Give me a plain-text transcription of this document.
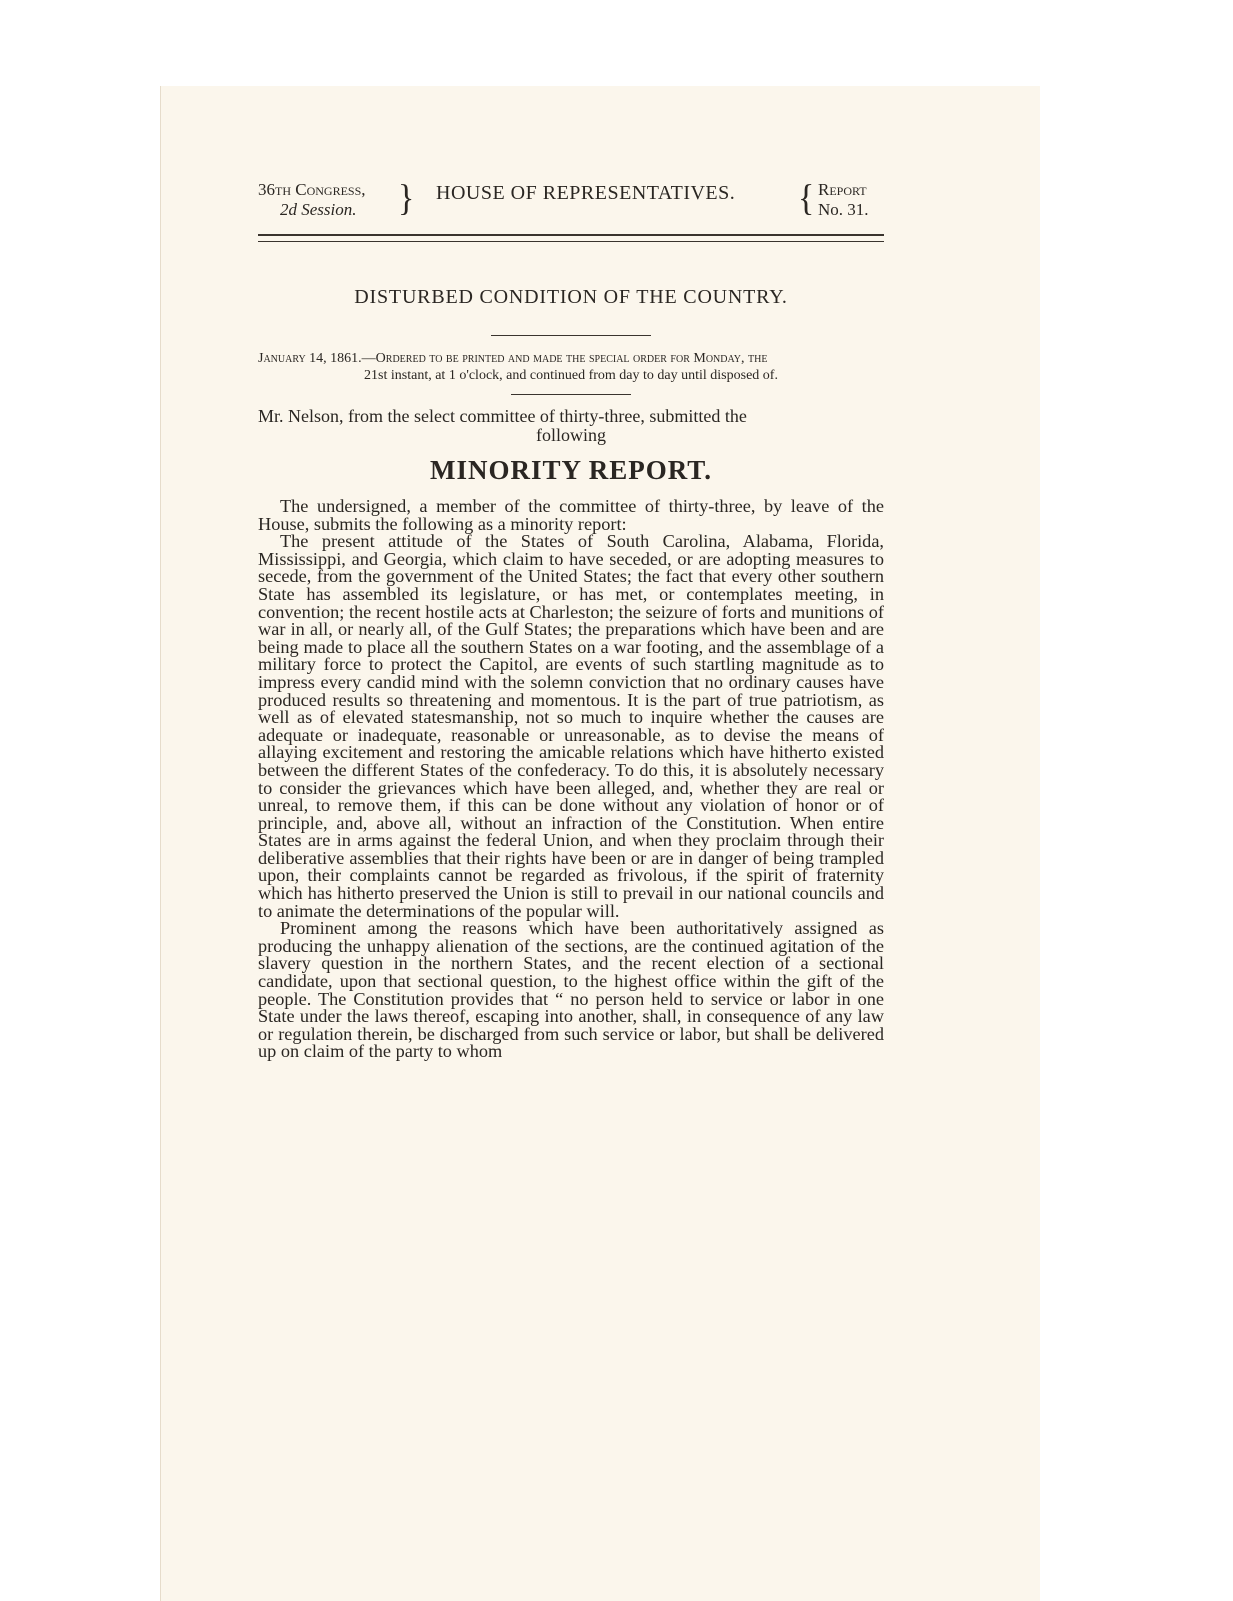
36th Congress,
2d Session. } HOUSE OF REPRESENTATIVES. { Report
No. 31.
DISTURBED CONDITION OF THE COUNTRY.
January 14, 1861.—Ordered to be printed and made the special order for Monday, the
21st instant, at 1 o'clock, and continued from day to day until disposed of.
Mr. Nelson, from the select committee of thirty-three, submitted the
following
MINORITY REPORT.

The undersigned, a member of the committee of thirty-three, by leave of the House, submits the following as a minority report:

The present attitude of the States of South Carolina, Alabama, Florida, Mississippi, and Georgia, which claim to have seceded, or are adopting measures to secede, from the government of the United States; the fact that every other southern State has assembled its legislature, or has met, or contemplates meeting, in convention; the recent hostile acts at Charleston; the seizure of forts and munitions of war in all, or nearly all, of the Gulf States; the preparations which have been and are being made to place all the southern States on a war footing, and the assemblage of a military force to protect the Capitol, are events of such startling magnitude as to impress every candid mind with the solemn conviction that no ordinary causes have produced results so threatening and momentous. It is the part of true patriotism, as well as of elevated statesmanship, not so much to inquire whether the causes are adequate or inadequate, reasonable or unreasonable, as to devise the means of allaying excitement and restoring the amicable relations which have hitherto existed between the different States of the confederacy. To do this, it is absolutely necessary to consider the grievances which have been alleged, and, whether they are real or unreal, to remove them, if this can be done without any violation of honor or of principle, and, above all, without an infraction of the Constitution. When entire States are in arms against the federal Union, and when they proclaim through their deliberative assemblies that their rights have been or are in danger of being trampled upon, their complaints cannot be regarded as frivolous, if the spirit of fraternity which has hitherto preserved the Union is still to prevail in our national councils and to animate the determinations of the popular will.

Prominent among the reasons which have been authoritatively assigned as producing the unhappy alienation of the sections, are the continued agitation of the slavery question in the northern States, and the recent election of a sectional candidate, upon that sectional question, to the highest office within the gift of the people. The Constitution provides that “ no person held to service or labor in one State under the laws thereof, escaping into another, shall, in consequence of any law or regulation therein, be discharged from such service or labor, but shall be delivered up on claim of the party to whom
